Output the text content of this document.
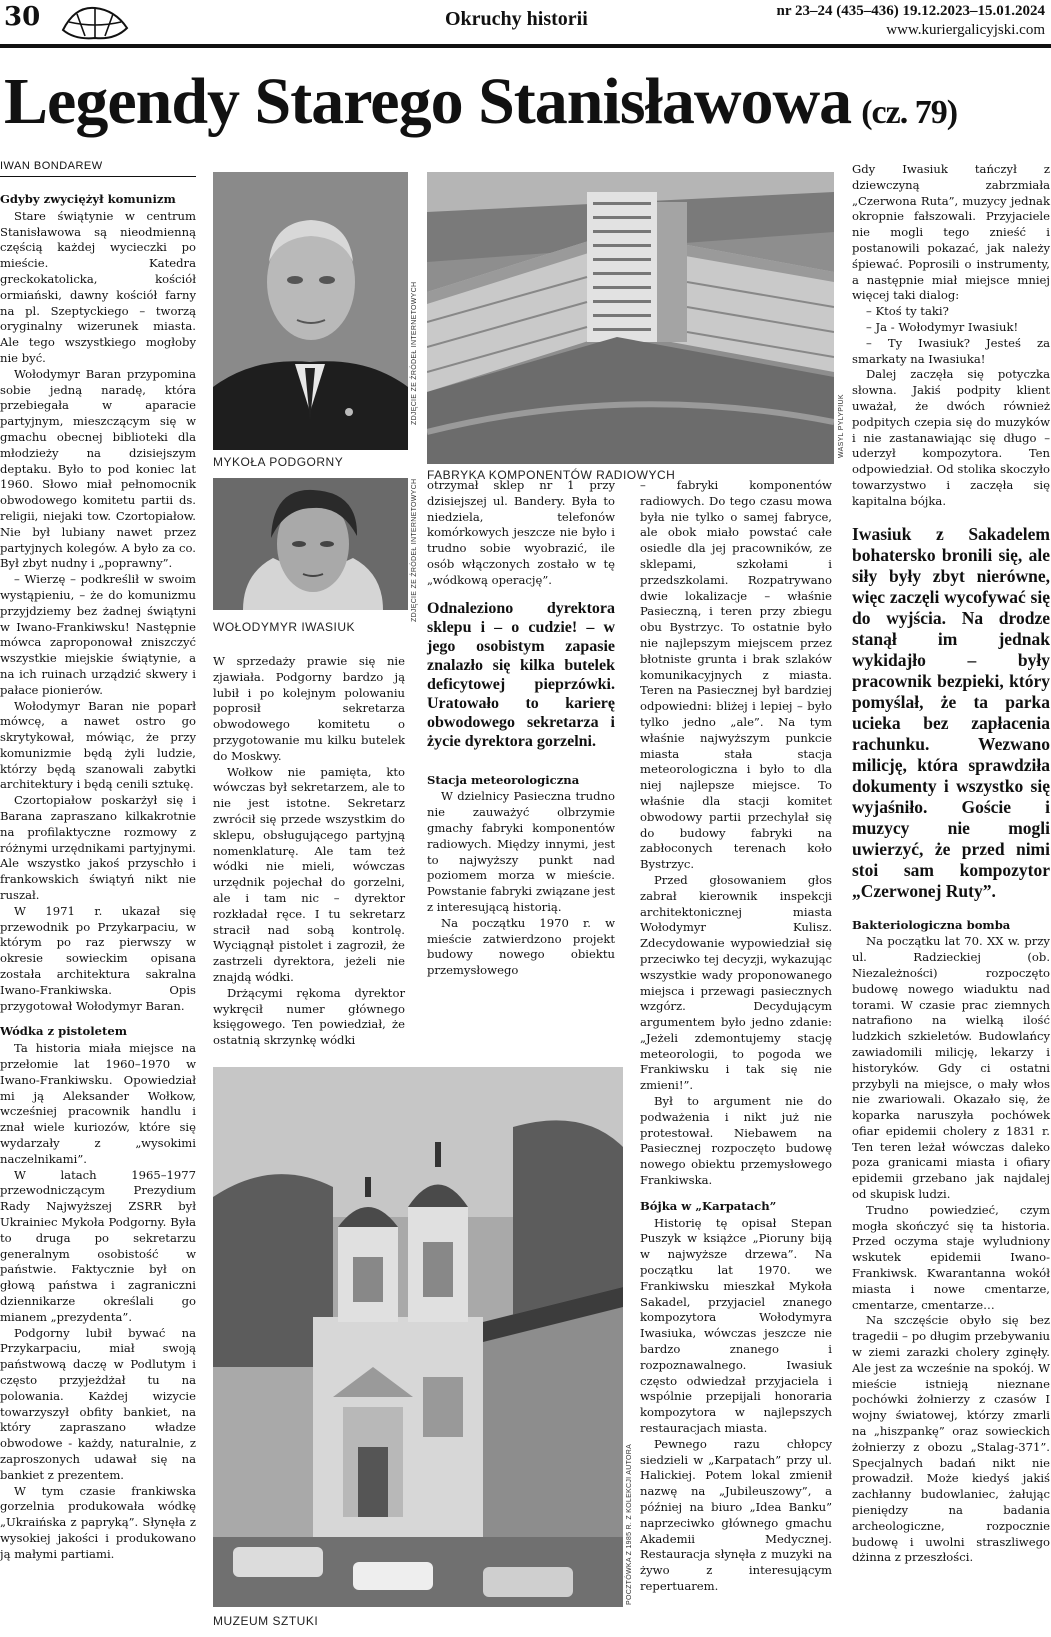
30	Okruchy historii	nr 23–24 (435–436) 19.12.2023–15.01.2024
www.kuriergalicyjski.com
Legendy Starego Stanisławowa (cz. 79)
IWAN BONDAREW
Gdyby zwyciężył komunizm

Stare świątynie w centrum Stanisławowa są nieodmienną częścią każdej wycieczki po mieście. Katedra greckokatolicka, kościół ormiański, dawny kościół farny na pl. Szeptyckiego – tworzą oryginalny wizerunek miasta. Ale tego wszystkiego mogłoby nie być.

Wołodymyr Baran przypomina sobie jedną naradę, która przebiegała w aparacie partyjnym, mieszczącym się w gmachu obecnej biblioteki dla młodzieży na dzisiejszym deptaku. Było to pod koniec lat 1960. Słowo miał pełnomocnik obwodowego komitetu partii ds. religii, niejaki tow. Czortopiałow. Nie był lubiany nawet przez partyjnych kolegów. A było za co. Był zbyt nudny i „poprawny”.

– Wierzę – podkreślił w swoim wystąpieniu, – że do komunizmu przyjdziemy bez żadnej świątyni w Iwano-Frankiwsku! Następnie mówca zaproponował zniszczyć wszystkie miejskie świątynie, a na ich ruinach urządzić skwery i pałace pionierów.

Wołodymyr Baran nie poparł mówcę, a nawet ostro go skrytykował, mówiąc, że przy komunizmie będą żyli ludzie, którzy będą szanowali zabytki architektury i będą cenili sztukę.

Czortopiałow poskarżył się i Barana zapraszano kilkakrotnie na profilaktyczne rozmowy z różnymi urzędnikami partyjnymi. Ale wszystko jakoś przyschło i frankowskich świątyń nikt nie ruszał.

W 1971 r. ukazał się przewodnik po Przykarpaciu, w którym po raz pierwszy w okresie sowieckim opisana została architektura sakralna Iwano-Frankiwska. Opis przygotował Wołodymyr Baran.

Wódka z pistoletem

Ta historia miała miejsce na przełomie lat 1960–1970 w Iwano-Frankiwsku. Opowiedział mi ją Aleksander Wołkow, wcześniej pracownik handlu i znał wiele kuriozów, które się wydarzały z „wysokimi naczelnikami”.

W latach 1965–1977 przewodniczącym Prezydium Rady Najwyższej ZSRR był Ukrainiec Mykoła Podgorny. Była to druga po sekretarzu generalnym osobistość w państwie. Faktycznie był on głową państwa i zagraniczni dziennikarze określali go mianem „prezydenta”.

Podgorny lubił bywać na Przykarpaciu, miał swoją państwową daczę w Podlutym i często przyjeżdżał tu na polowania. Każdej wizycie towarzyszył obfity bankiet, na który zapraszano władze obwodowe - każdy, naturalnie, z zaproszonych udawał się na bankiet z prezentem.

W tym czasie frankiwska gorzelnia produkowała wódkę „Ukraińska z papryką”. Słynęła z wysokiej jakości i produkowano ją małymi partiami.

MYKOŁA PODGORNY
ZDJĘCIE ZE ŹRÓDEŁ INTERNETOWYCH
WOŁODYMYR IWASIUK
ZDJĘCIE ZE ŹRÓDEŁ INTERNETOWYCH
FABRYKA KOMPONENTÓW RADIOWYCH
WASYL PYLYPIUK

W sprzedaży prawie się nie zjawiała. Podgorny bardzo ją lubił i po kolejnym polowaniu poprosił sekretarza obwodowego komitetu o przygotowanie mu kilku butelek do Moskwy.

Wołkow nie pamięta, kto wówczas był sekretarzem, ale to nie jest istotne. Sekretarz zwrócił się przede wszystkim do sklepu, obsługującego partyjną nomenklaturę. Ale tam też wódki nie mieli, wówczas urzędnik pojechał do gorzelni, ale i tam nic – dyrektor rozkładał ręce. I tu sekretarz stracił nad sobą kontrolę. Wyciągnął pistolet i zagroził, że zastrzeli dyrektora, jeżeli nie znajdą wódki.

Drżącymi rękoma dyrektor wykręcił numer głównego księgowego. Ten powiedział, że ostatnią skrzynkę wódki

otrzymał sklep nr 1 przy dzisiejszej ul. Bandery. Była to niedziela, telefonów komórkowych jeszcze nie było i trudno sobie wyobrazić, ile osób włączonych zostało w tę „wódkową operację”.

Odnaleziono dyrektora sklepu i – o cudzie! – w jego osobistym zapasie znalazło się kilka butelek deficytowej pieprzówki. Uratowało to karierę obwodowego sekretarza i życie dyrektora gorzelni.
Stacja meteorologiczna

W dzielnicy Pasieczna trudno nie zauważyć olbrzymie gmachy fabryki komponentów radiowych. Między innymi, jest to najwyższy punkt nad poziomem morza w mieście. Powstanie fabryki związane jest z interesującą historią.

Na początku 1970 r. w mieście zatwierdzono projekt budowy nowego obiektu przemysłowego

– fabryki komponentów radiowych. Do tego czasu mowa była nie tylko o samej fabryce, ale obok miało powstać całe osiedle dla jej pracowników, ze sklepami, szkołami i przedszkolami. Rozpatrywano dwie lokalizacje – właśnie Pasieczną, i teren przy zbiegu obu Bystrzyc. To ostatnie było nie najlepszym miejscem przez błotniste grunta i brak szlaków komunikacyjnych z miasta. Teren na Pasiecznej był bardziej odpowiedni: bliżej i lepiej – było tylko jedno „ale”. Na tym właśnie najwyższym punkcie miasta stała stacja meteorologiczna i było to dla niej najlepsze miejsce. To właśnie dla stacji komitet obwodowy partii przechylał się do budowy fabryki na zabłoconych terenach koło Bystrzyc.

Przed głosowaniem głos zabrał kierownik inspekcji architektonicznej miasta Wołodymyr Kulisz. Zdecydowanie wypowiedział się przeciwko tej decyzji, wykazując wszystkie wady proponowanego miejsca i przewagi pasiecznych wzgórz. Decydującym argumentem było jedno zdanie: „Jeżeli zdemontujemy stację meteorologii, to pogoda we Frankiwsku i tak się nie zmieni!”.

Był to argument nie do podważenia i nikt już nie protestował. Niebawem na Pasiecznej rozpoczęto budowę nowego obiektu przemysłowego Frankiwska.

Bójka w „Karpatach”

Historię tę opisał Stepan Puszyk w książce „Pioruny biją w najwyższe drzewa”. Na początku lat 1970. we Frankiwsku mieszkał Mykoła Sakadel, przyjaciel znanego kompozytora Wołodymyra Iwasiuka, wówczas jeszcze nie bardzo znanego i rozpoznawalnego. Iwasiuk często odwiedzał przyjaciela i wspólnie przepijali honoraria kompozytora w najlepszych restauracjach miasta.

Pewnego razu chłopcy siedzieli w „Karpatach” przy ul. Halickiej. Potem lokal zmienił nazwę na „Jubileuszowy”, a później na biuro „Idea Banku” naprzeciwko głównego gmachu Akademii Medycznej. Restauracja słynęła z muzyki na żywo z interesującym repertuarem.

MUZEUM SZTUKI
POCZTÓWKA Z 1985 R. Z KOLEKCJI AUTORA

Gdy Iwasiuk tańczył z dziewczyną zabrzmiała „Czerwona Ruta”, muzycy jednak okropnie fałszowali. Przyjaciele nie mogli tego znieść i postanowili pokazać, jak należy śpiewać. Poprosili o instrumenty, a następnie miał miejsce mniej więcej taki dialog:

– Ktoś ty taki?

– Ja - Wołodymyr Iwasiuk!

– Ty Iwasiuk? Jesteś za smarkaty na Iwasiuka!

Dalej zaczęła się potyczka słowna. Jakiś podpity klient uważał, że dwóch również podpitych czepia się do muzyków i nie zastanawiając się długo – uderzył kompozytora. Ten odpowiedział. Od stolika skoczyło towarzystwo i zaczęła się kapitalna bójka.

Iwasiuk z Sakadelem bohatersko bronili się, ale siły były zbyt nierówne, więc zaczęli wycofywać się do wyjścia. Na drodze stanął im jednak wykidajło – były pracownik bezpieki, który pomyślał, że ta parka ucieka bez zapłacenia rachunku. Wezwano milicję, która sprawdziła dokumenty i wszystko się wyjaśniło. Goście i muzycy nie mogli uwierzyć, że przed nimi stoi sam kompozytor „Czerwonej Ruty”.
Bakteriologiczna bomba

Na początku lat 70. XX w. przy ul. Radzieckiej (ob. Niezależności) rozpoczęto budowę nowego wiaduktu nad torami. W czasie prac ziemnych natrafiono na wielką ilość ludzkich szkieletów. Budowlańcy zawiadomili milicję, lekarzy i historyków. Gdy ci ostatni przybyli na miejsce, o mały włos nie zwariowali. Okazało się, że koparka naruszyła pochówek ofiar epidemii cholery z 1831 r. Ten teren leżał wówczas daleko poza granicami miasta i ofiary epidemii grzebano jak najdalej od skupisk ludzi.

Trudno powiedzieć, czym mogła skończyć się ta historia. Przed oczyma staje wyludniony wskutek epidemii Iwano-Frankiwsk. Kwarantanna wokół miasta i nowe cmentarze, cmentarze, cmentarze…

Na szczęście obyło się bez tragedii – po długim przebywaniu w ziemi zarazki cholery zginęły. Ale jest za wcześnie na spokój. W mieście istnieją nieznane pochówki żołnierzy z czasów I wojny światowej, którzy zmarli na „hiszpankę” oraz sowieckich żołnierzy z obozu „Stalag-371”. Specjalnych badań nikt nie prowadził. Może kiedyś jakiś zachłanny budowlaniec, żałując pieniędzy na badania archeologiczne, rozpocznie budowę i uwolni straszliwego dżinna z przeszłości.
